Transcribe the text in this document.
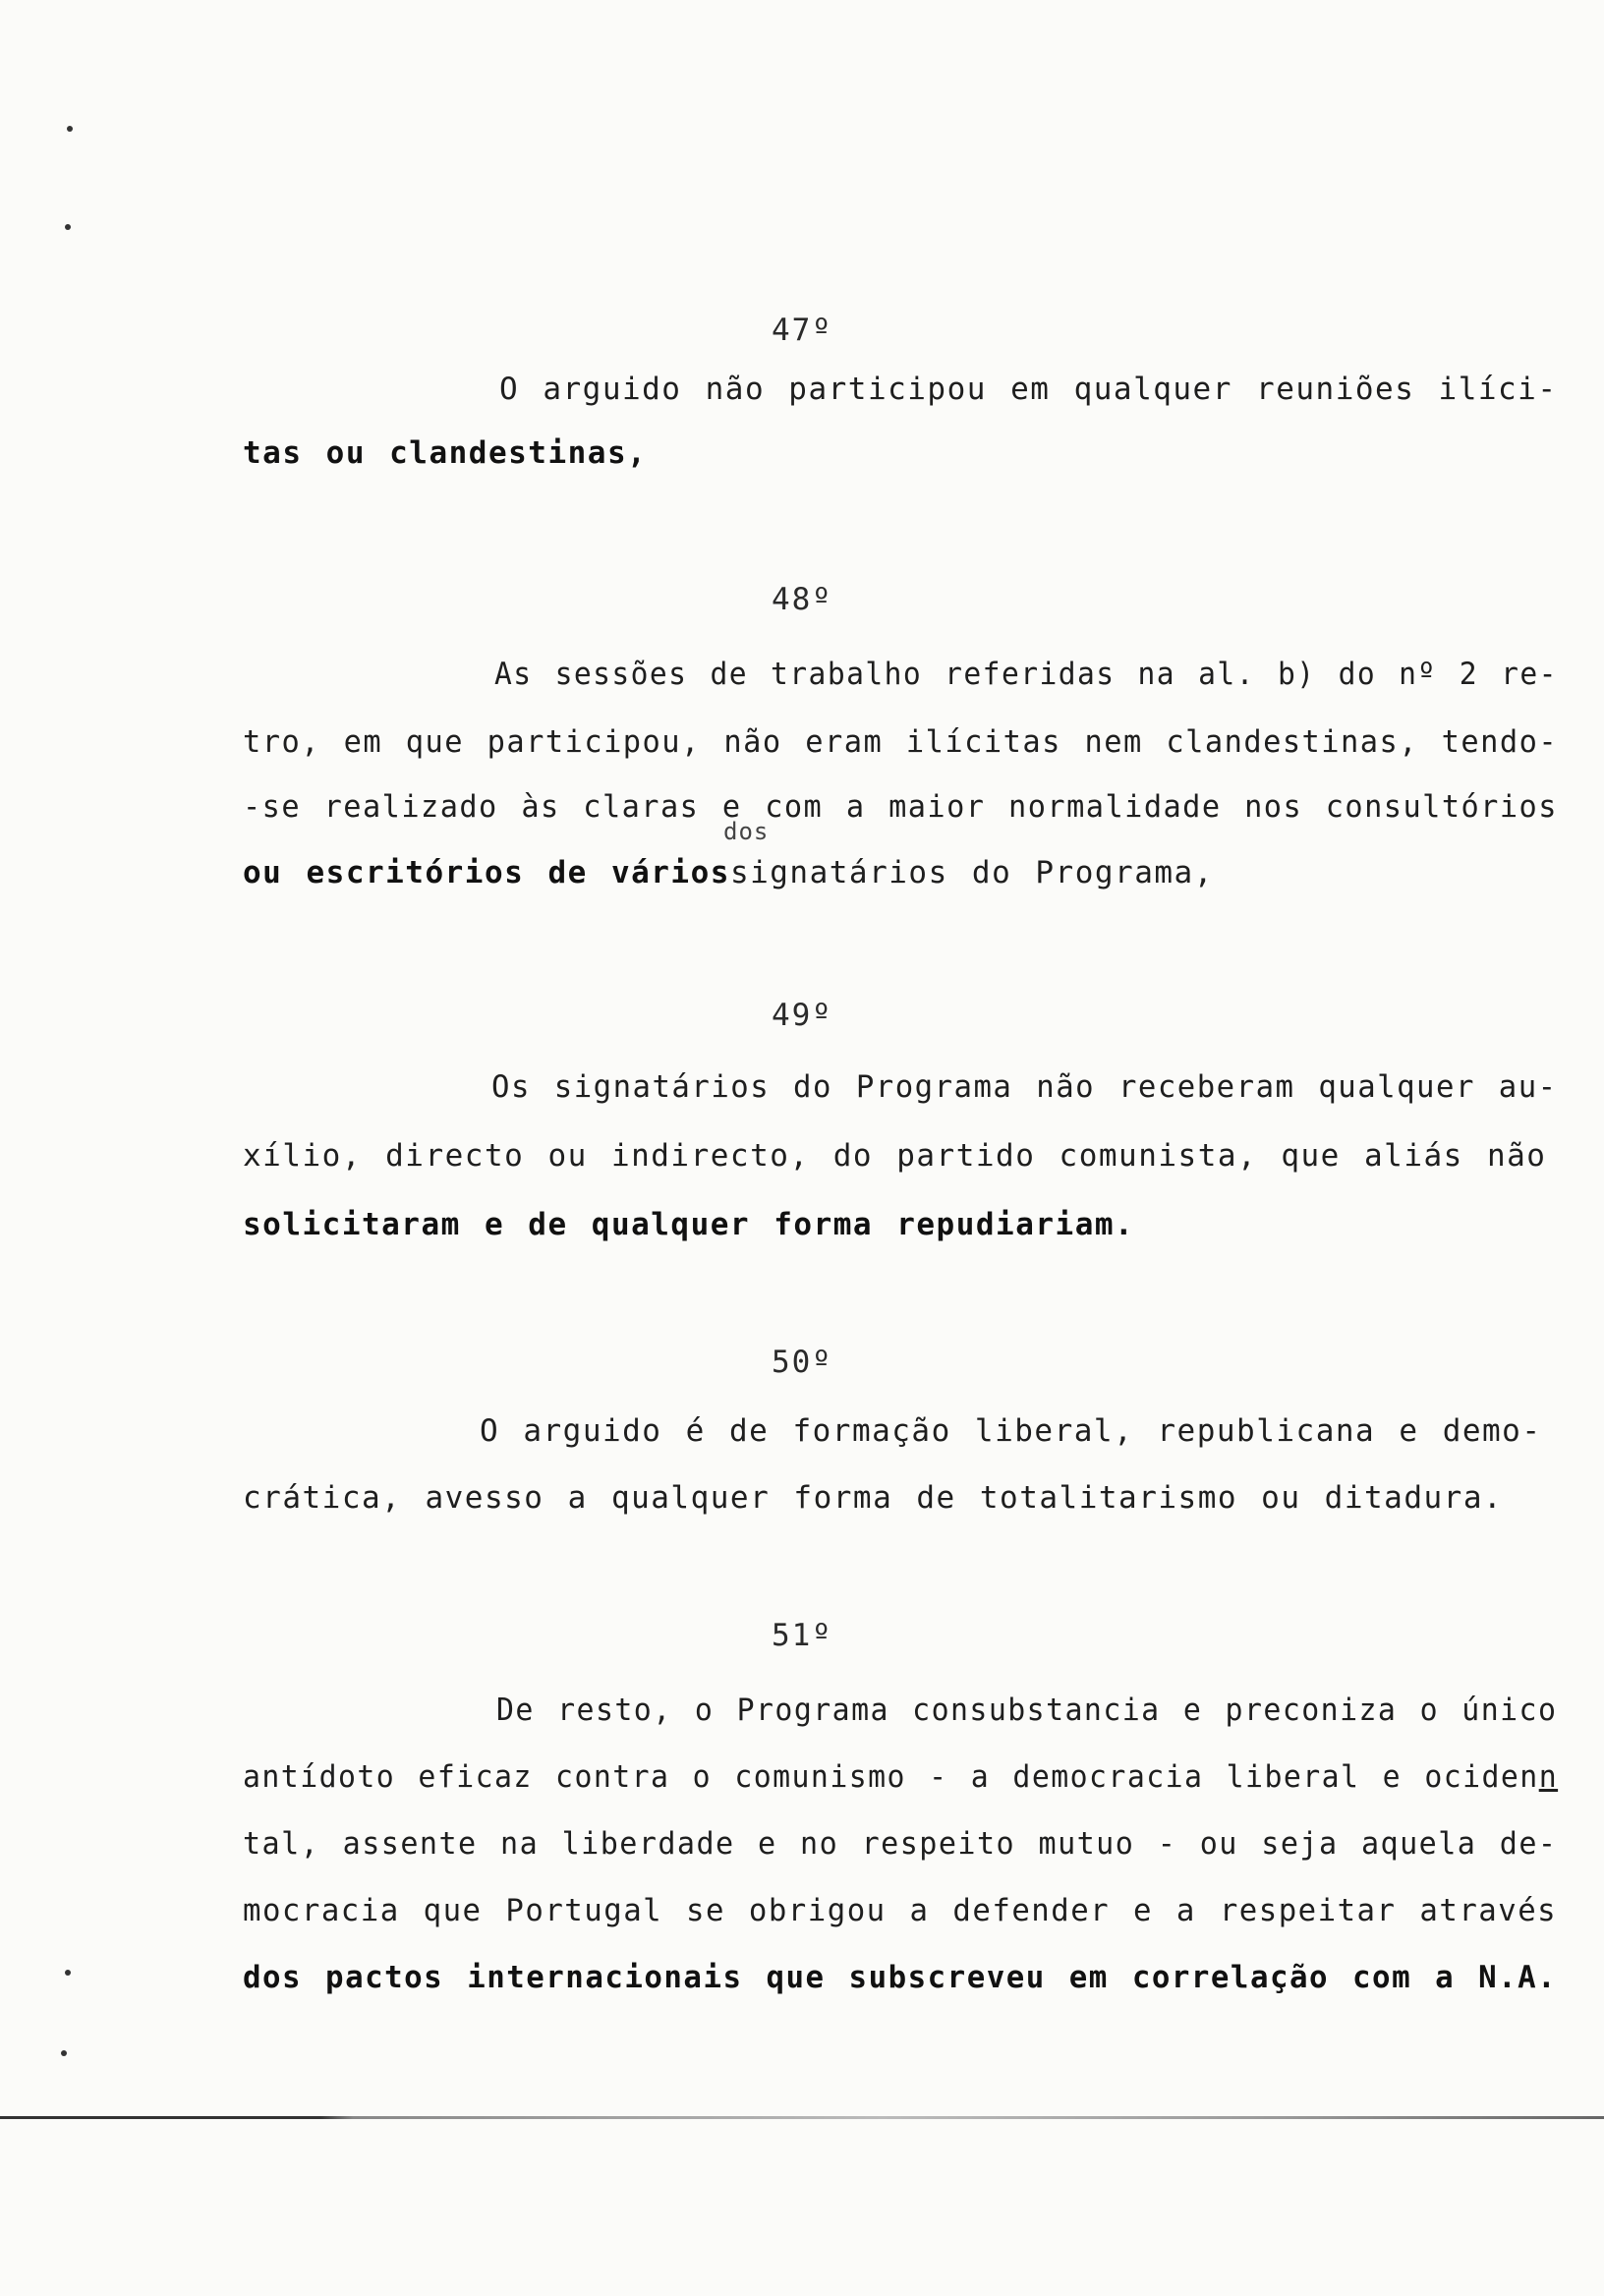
47º
O arguido não participou em qualquer reuniões ilíci-
tas ou clandestinas,
48º
As sessões de trabalho referidas na al. b) do nº 2 re-
tro, em que participou, não eram ilícitas nem clandestinas, tendo-
-se realizado às claras e com a maior normalidade nos consultórios
dos
ou escritórios de váriossignatários do Programa,
49º
Os signatários do Programa não receberam qualquer au-
xílio, directo ou indirecto, do partido comunista, que aliás não
solicitaram e de qualquer forma repudiariam.
50º
O arguido é de formação liberal, republicana e demo-
crática, avesso a qualquer forma de totalitarismo ou ditadura.
51º
De resto, o Programa consubstancia e preconiza o único
antídoto eficaz contra o comunismo - a democracia liberal e ocidenn
tal, assente na liberdade e no respeito mutuo - ou seja aquela de-
mocracia que Portugal se obrigou a defender e a respeitar através
dos pactos internacionais que subscreveu em correlação com a N.A.
